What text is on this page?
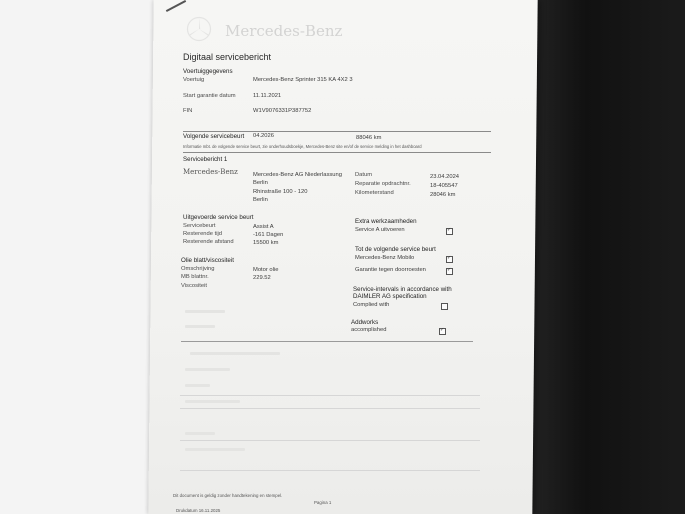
Mercedes-Benz
Digitaal servicebericht
Voertuiggegevens
Voertuig	Mercedes-Benz Sprinter 315 KA 4X2 3
Start garantie datum	11.11.2021
FIN	W1V9076331P387752
Volgende servicebeurt 04.2026	88046 km
Informatie mbt. de volgende service beurt, zie onderhoudsboekje, Mercedes-Benz site en/of de service melding in het dashboard
Servicebericht 1
Mercedes-Benz	Mercedes-Benz AG Niederlassung
Berlin
Rhinstraße 100 - 120
Berlin
Datum	23.04.2024
Reparatie opdrachtnr.	18-405547
Kilometerstand	28046 km
Uitgevoerde service beurt
Servicebeurt	Assist A
Resterende tijd	-161 Dagen
Resterende afstand	15500 km
Olie blatt/viscositeit
Omschrijving	Motor olie
MB blattnr.	229.52
Viscositeit
Extra werkzaamheden
Service A uitvoeren
✓
Tot de volgende service beurt
Mercedes-Benz Mobilo
✓
Garantie tegen doorroesten
✓
Service-intervals in accordance with
DAIMLER AG specification
Complied with
Addworks
accomplished
✓
Dit document is geldig zonder handtekening en stempel.
Pagina 1
Drukdatum 16.11.2025
